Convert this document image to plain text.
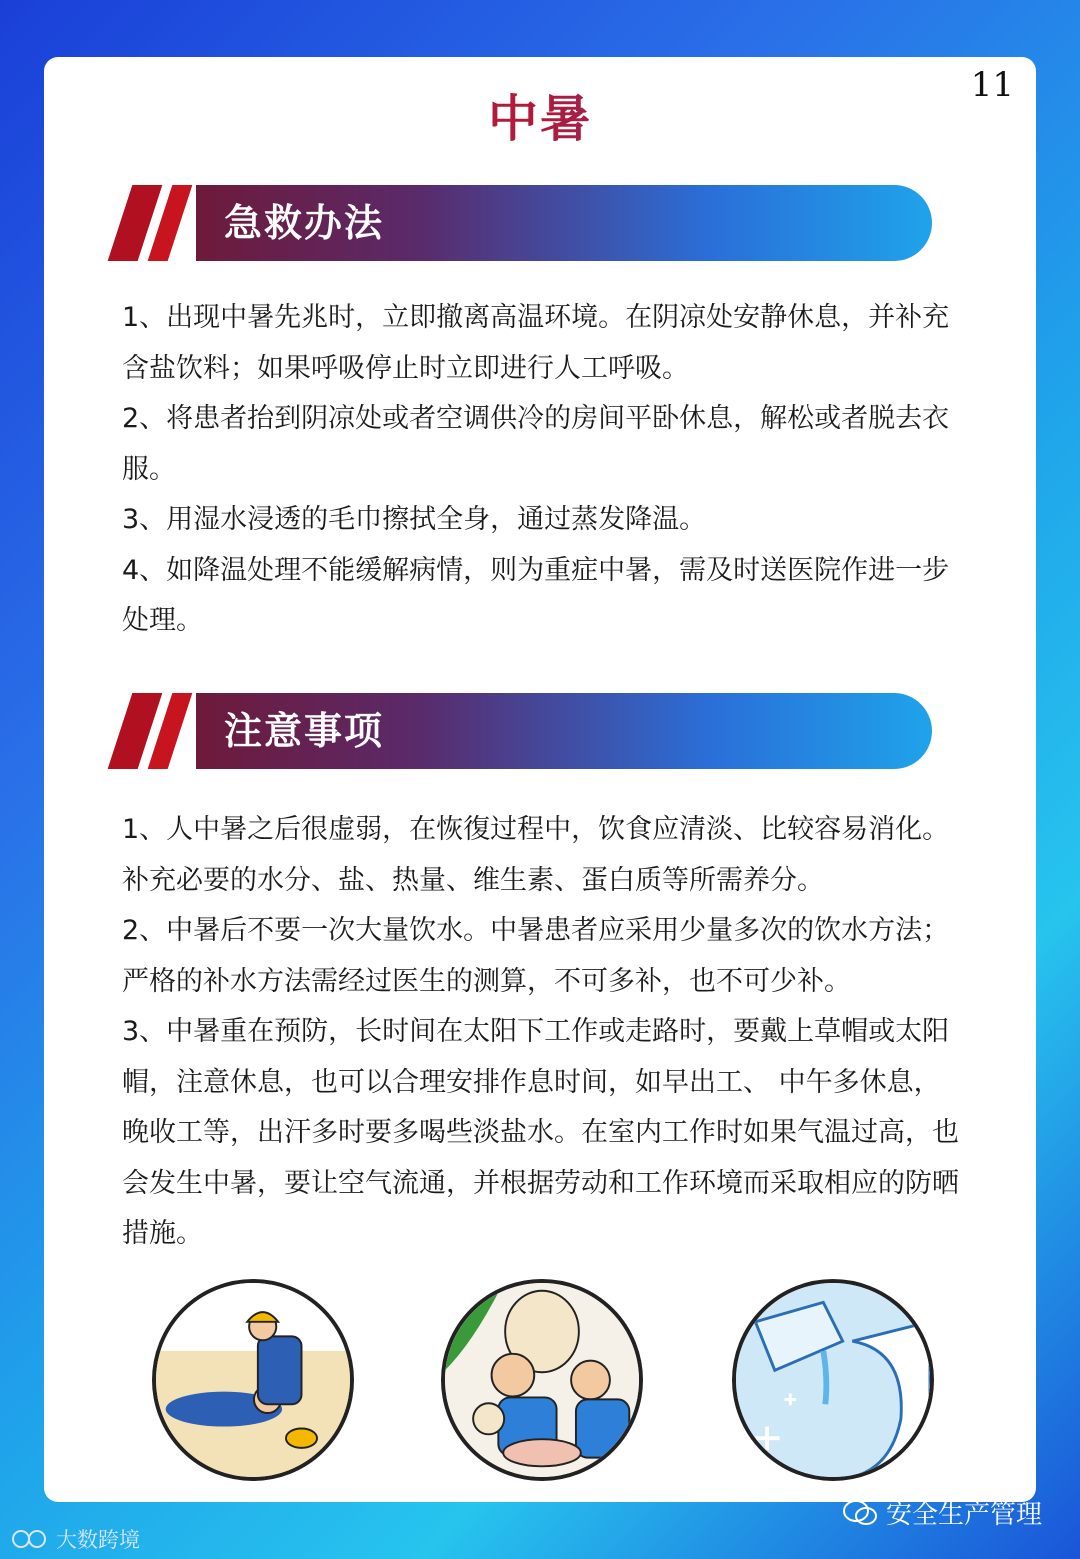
中暑
急救办法

1、出现中暑先兆时，立即撤离高温环境。在阴凉处安静休息，并补充含盐饮料；如果呼吸停止时立即进行人工呼吸。

2、将患者抬到阴凉处或者空调供冷的房间平卧休息，解松或者脱去衣服。

3、用湿水浸透的毛巾擦拭全身，通过蒸发降温。

4、如降温处理不能缓解病情，则为重症中暑，需及时送医院作进一步处理。

注意事项

1、人中暑之后很虚弱，在恢復过程中，饮食应清淡、比较容易消化。补充必要的水分、盐、热量、维生素、蛋白质等所需养分。

2、中暑后不要一次大量饮水。中暑患者应采用少量多次的饮水方法；严格的补水方法需经过医生的测算，不可多补，也不可少补。

3、中暑重在预防，长时间在太阳下工作或走路时，要戴上草帽或太阳帽，注意休息，也可以合理安排作息时间，如早出工、 中午多休息， 晚收工等，出汗多时要多喝些淡盐水。在室内工作时如果气温过高，也会发生中暑，要让空气流通，并根据劳动和工作环境而采取相应的防晒措施。

安全生产管理
大数跨境
